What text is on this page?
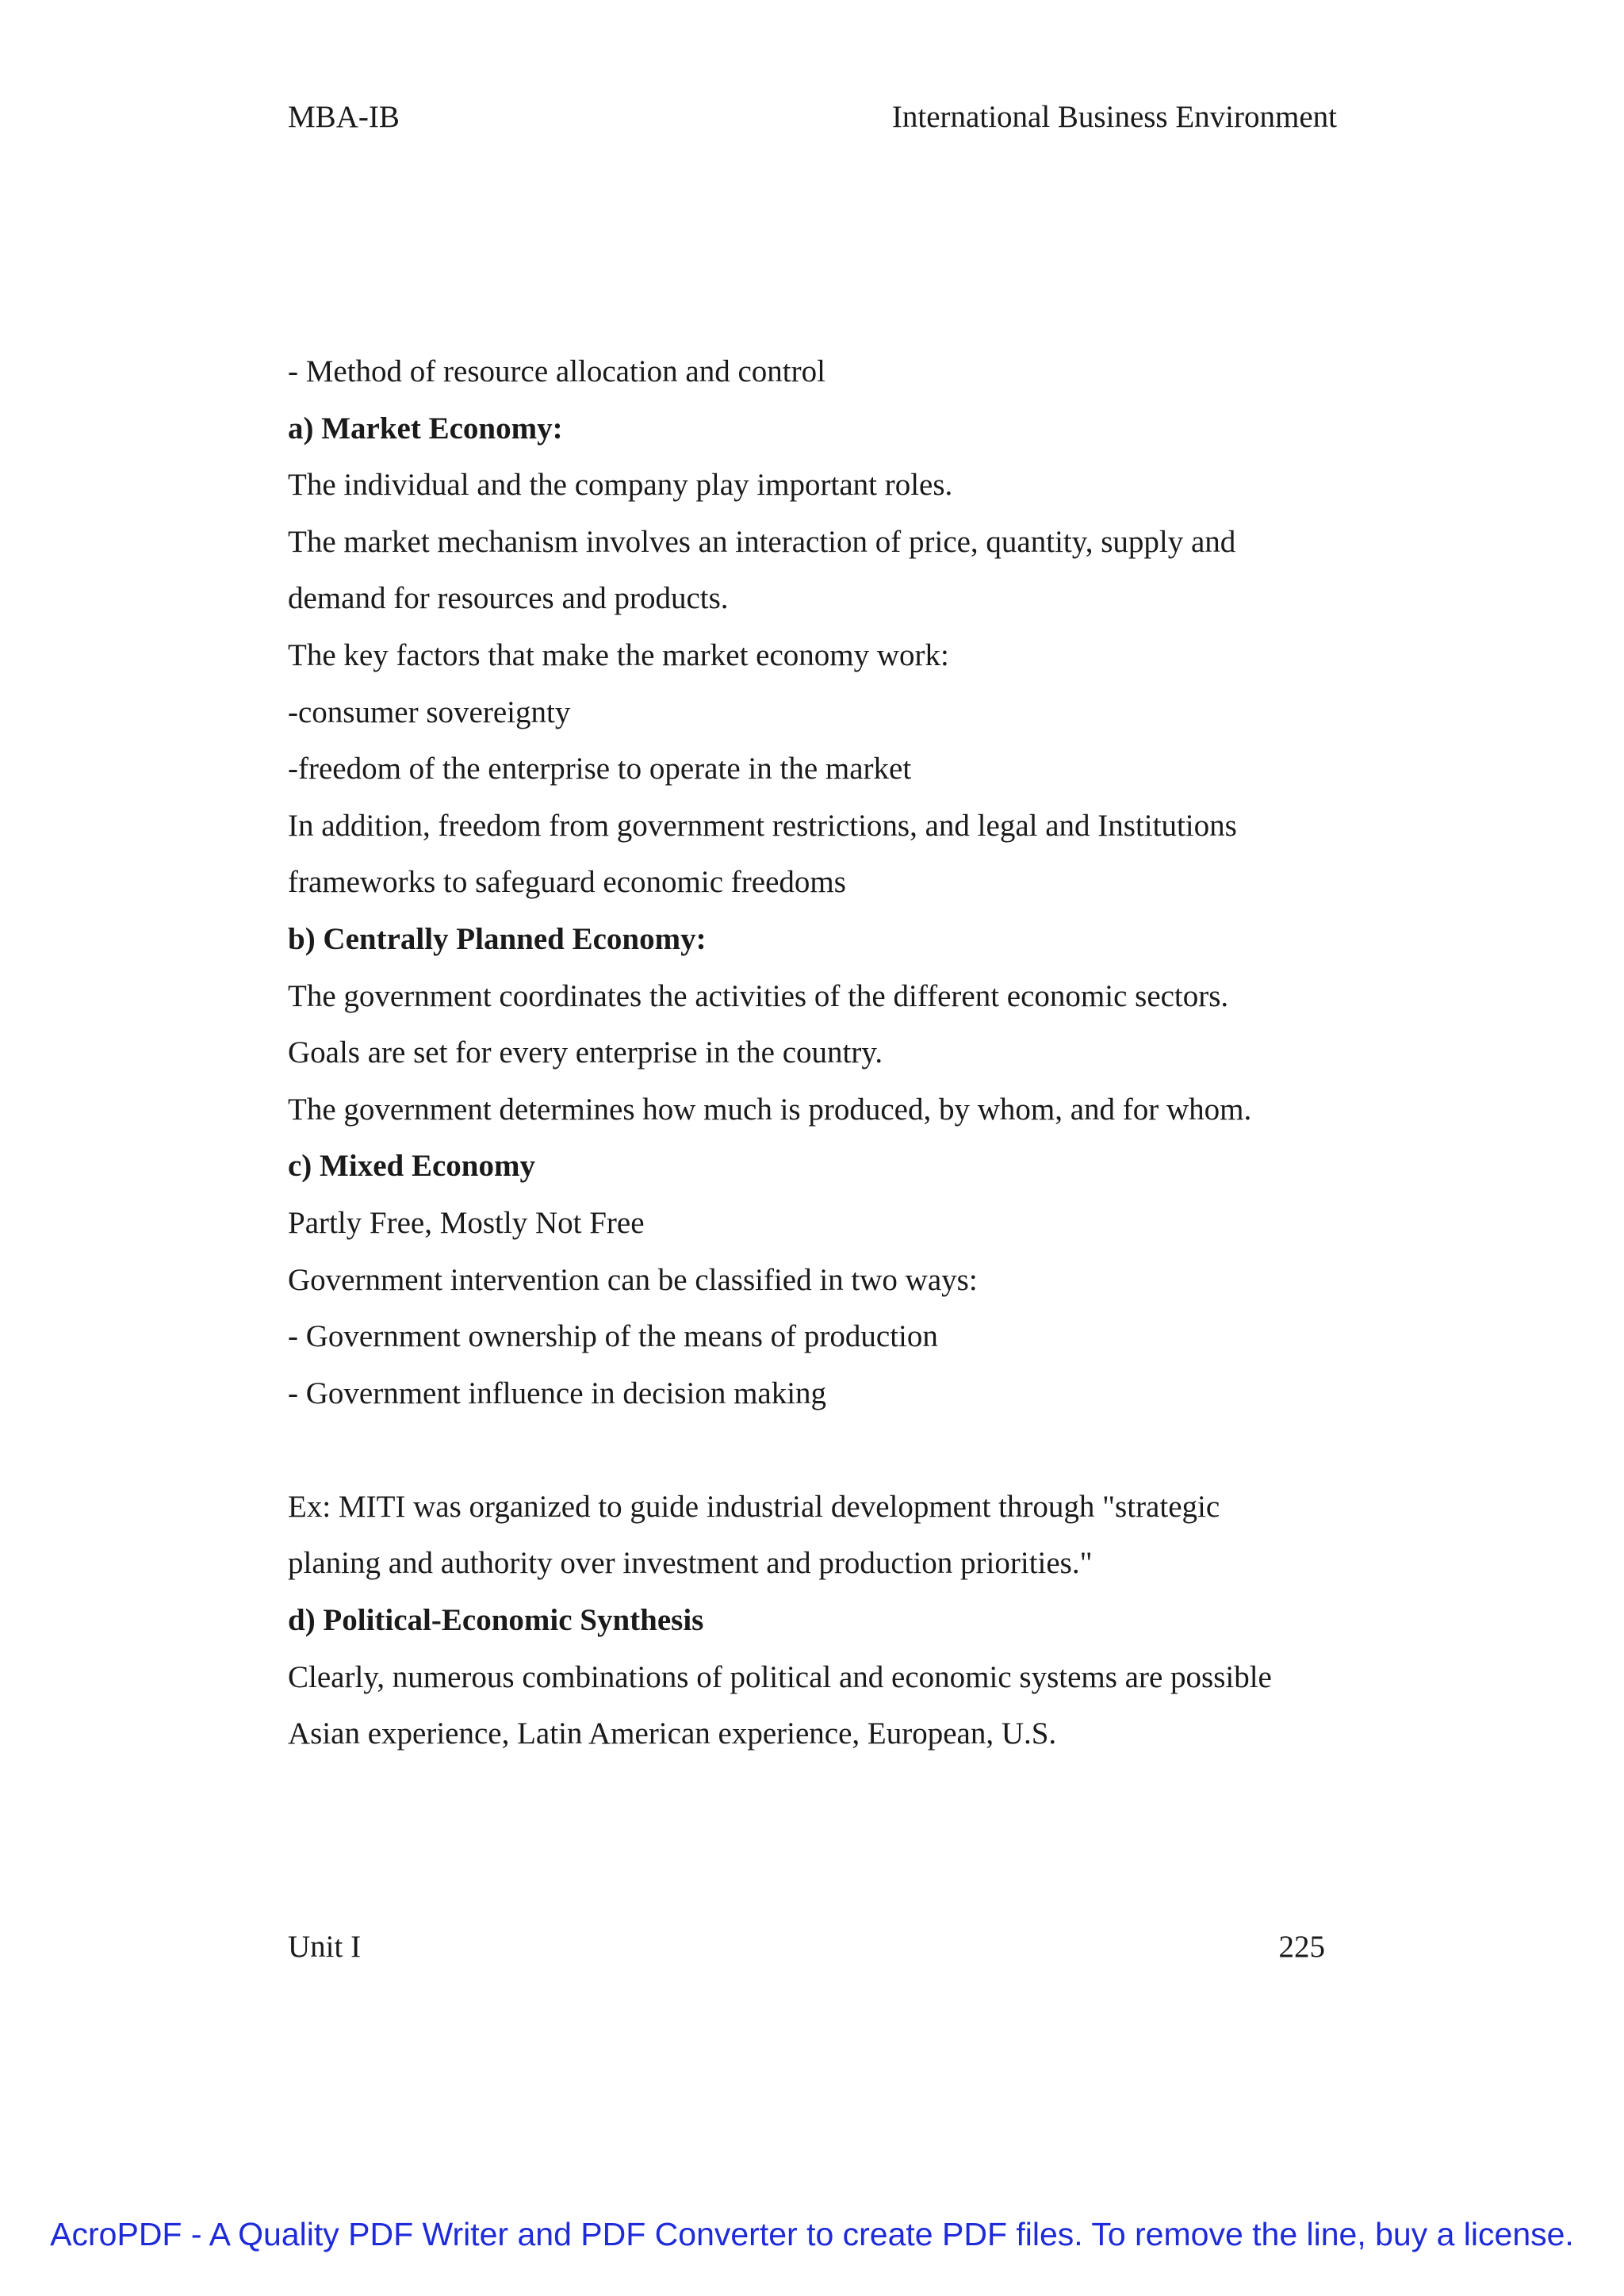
MBA-IB	International Business Environment
- Method of resource allocation and control
a) Market Economy:
The individual and the company play important roles.
The market mechanism involves an interaction of price, quantity, supply and
demand for resources and products.
The key factors that make the market economy work:
-consumer sovereignty
-freedom of the enterprise to operate in the market
In addition, freedom from government restrictions, and legal and Institutions
frameworks to safeguard economic freedoms
b) Centrally Planned Economy:
The government coordinates the activities of the different economic sectors.
Goals are set for every enterprise in the country.
The government determines how much is produced, by whom, and for whom.
c) Mixed Economy
Partly Free, Mostly Not Free
Government intervention can be classified in two ways:
- Government ownership of the means of production
- Government influence in decision making
Ex: MITI was organized to guide industrial development through "strategic
planing and authority over investment and production priorities."
d) Political-Economic Synthesis
Clearly, numerous combinations of political and economic systems are possible
Asian experience, Latin American experience, European, U.S.
Unit I	225
AcroPDF - A Quality PDF Writer and PDF Converter to create PDF files. To remove the line, buy a license.
